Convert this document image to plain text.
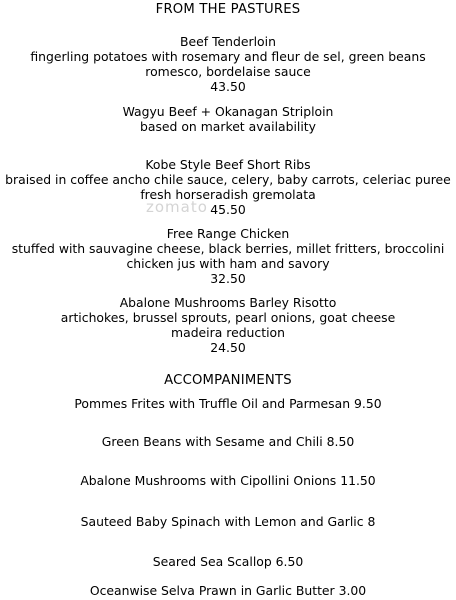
zomato
FROM THE PASTURES
Beef Tenderloin
fingerling potatoes with rosemary and fleur de sel, green beans
romesco, bordelaise sauce
43.50
Wagyu Beef + Okanagan Striploin
based on market availability
Kobe Style Beef Short Ribs
braised in coffee ancho chile sauce, celery, baby carrots, celeriac puree
fresh horseradish gremolata
45.50
Free Range Chicken
stuffed with sauvagine cheese, black berries, millet fritters, broccolini
chicken jus with ham and savory
32.50
Abalone Mushrooms Barley Risotto
artichokes, brussel sprouts, pearl onions, goat cheese
madeira reduction
24.50
ACCOMPANIMENTS
Pommes Frites with Truffle Oil and Parmesan 9.50
Green Beans with Sesame and Chili 8.50
Abalone Mushrooms with Cipollini Onions 11.50
Sauteed Baby Spinach with Lemon and Garlic 8
Seared Sea Scallop 6.50
Oceanwise Selva Prawn in Garlic Butter 3.00
